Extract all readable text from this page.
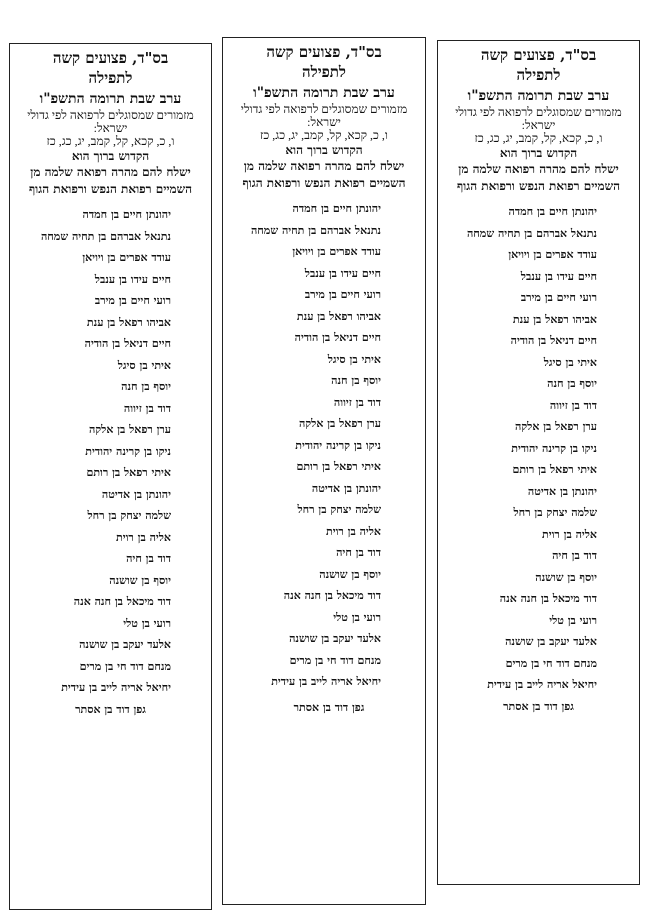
בס"ד, פצועים קשה
לתפילה
ערב שבת תרומה התשפ"ו
מזמורים שמסוגלים לרפואה לפי גדולי ישראל:
ו, כ, קכא, קל, קמב, יג, כג, כז
הקדוש ברוך הוא
ישלח להם מהרה רפואה שלמה מן השמיים רפואת הנפש ורפואת הגוף
יהונתן חיים בן חמדה
נתנאל אברהם בן תחיה שמחה
עודד אפרים בן ויויאן
חיים עידו בן ענבל
רועי חיים בן מירב
אביהו רפאל בן ענת
חיים דניאל בן הודיה
איתי בן סיגל
יוסף בן חנה
דוד בן זיווה
ערן רפאל בן אלקה
ניקו בן קרינה יהודית
איתי רפאל בן רותם
יהונתן בן אדיטה
שלמה יצחק בן רחל
אליה בן רוית
דוד בן חיה
יוסף בן שושנה
דוד מיכאל בן חנה אנה
רועי בן טלי
אלעד יעקב בן שושנה
מנחם דוד חי בן מרים
יחיאל אריה לייב בן עידית
גפן דוד בן אסתר
בס"ד, פצועים קשה
לתפילה
ערב שבת תרומה התשפ"ו
מזמורים שמסוגלים לרפואה לפי גדולי ישראל:
ו, כ, קכא, קל, קמב, יג, כג, כז
הקדוש ברוך הוא
ישלח להם מהרה רפואה שלמה מן השמיים רפואת הנפש ורפואת הגוף
יהונתן חיים בן חמדה
נתנאל אברהם בן תחיה שמחה
עודד אפרים בן ויויאן
חיים עידו בן ענבל
רועי חיים בן מירב
אביהו רפאל בן ענת
חיים דניאל בן הודיה
איתי בן סיגל
יוסף בן חנה
דוד בן זיווה
ערן רפאל בן אלקה
ניקו בן קרינה יהודית
איתי רפאל בן רותם
יהונתן בן אדיטה
שלמה יצחק בן רחל
אליה בן רוית
דוד בן חיה
יוסף בן שושנה
דוד מיכאל בן חנה אנה
רועי בן טלי
אלעד יעקב בן שושנה
מנחם דוד חי בן מרים
יחיאל אריה לייב בן עידית
גפן דוד בן אסתר
בס"ד, פצועים קשה
לתפילה
ערב שבת תרומה התשפ"ו
מזמורים שמסוגלים לרפואה לפי גדולי ישראל:
ו, כ, קכא, קל, קמב, יג, כג, כז
הקדוש ברוך הוא
ישלח להם מהרה רפואה שלמה מן השמיים רפואת הנפש ורפואת הגוף
יהונתן חיים בן חמדה
נתנאל אברהם בן תחיה שמחה
עודד אפרים בן ויויאן
חיים עידו בן ענבל
רועי חיים בן מירב
אביהו רפאל בן ענת
חיים דניאל בן הודיה
איתי בן סיגל
יוסף בן חנה
דוד בן זיווה
ערן רפאל בן אלקה
ניקו בן קרינה יהודית
איתי רפאל בן רותם
יהונתן בן אדיטה
שלמה יצחק בן רחל
אליה בן רוית
דוד בן חיה
יוסף בן שושנה
דוד מיכאל בן חנה אנה
רועי בן טלי
אלעד יעקב בן שושנה
מנחם דוד חי בן מרים
יחיאל אריה לייב בן עידית
גפן דוד בן אסתר
